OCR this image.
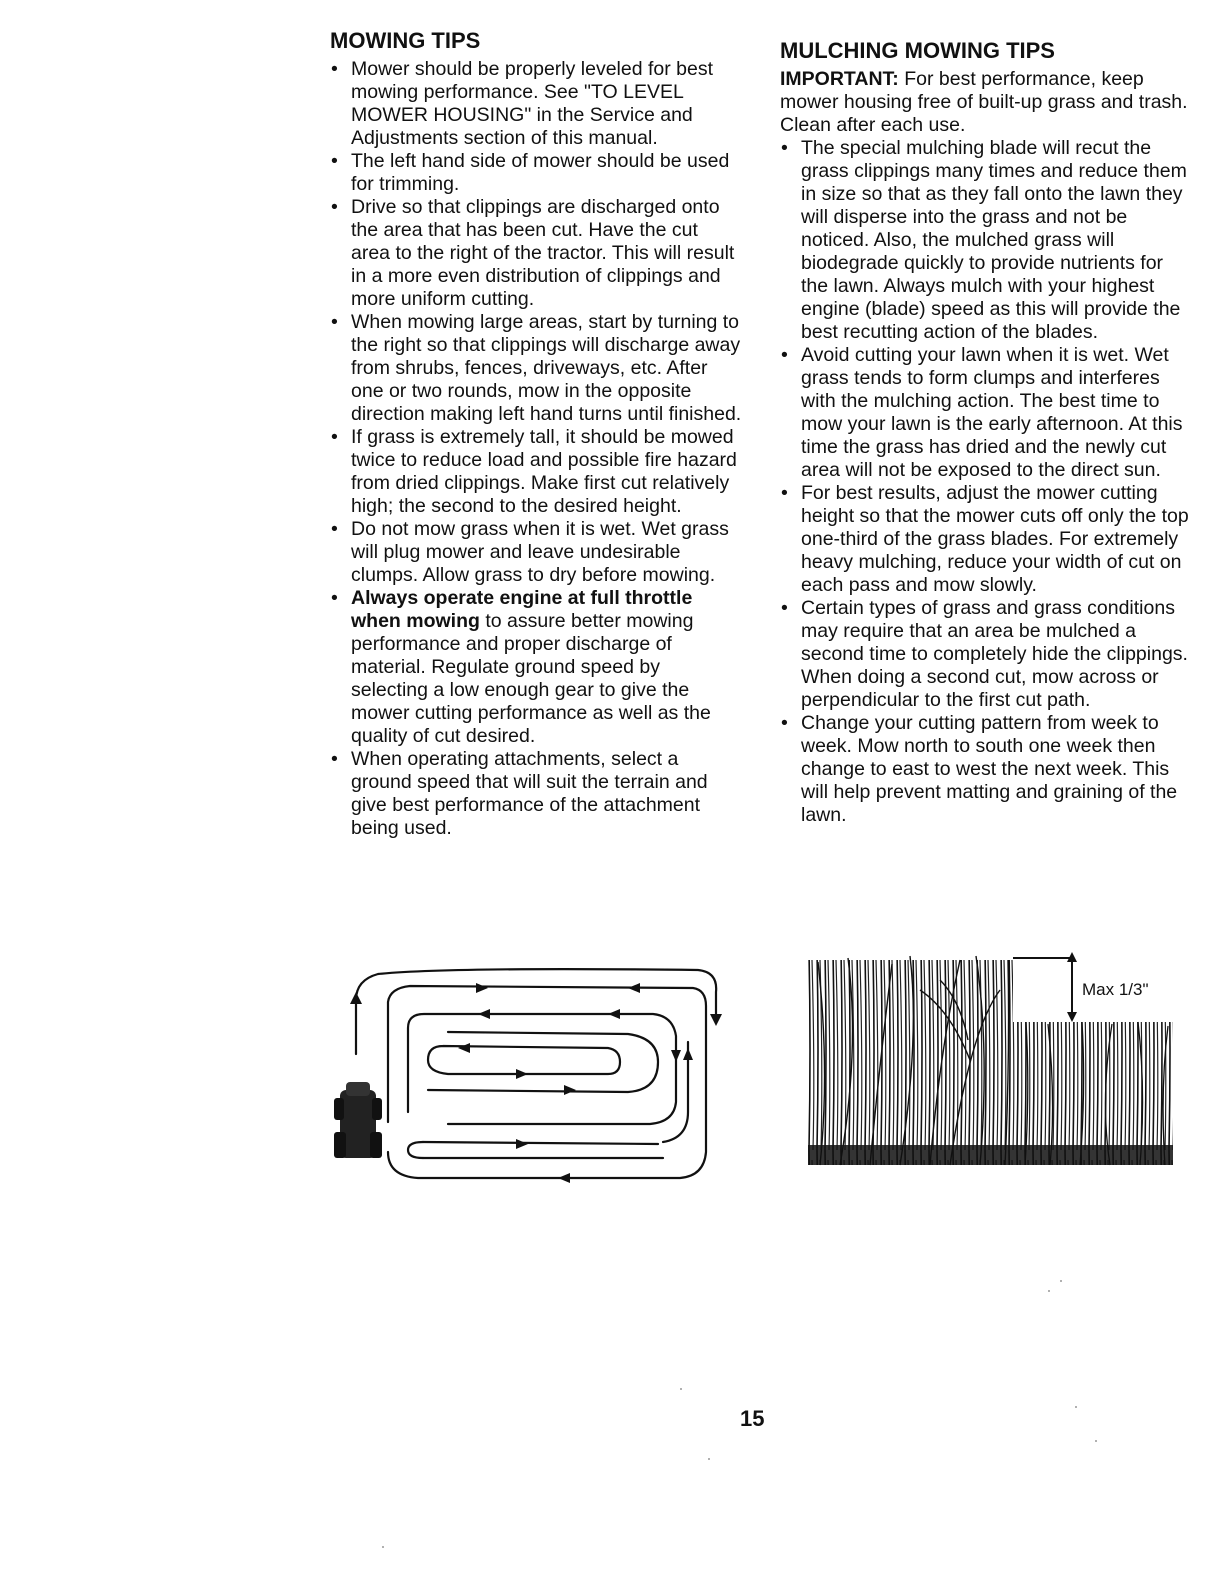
MOWING TIPS
• Mower should be properly leveled for best mowing performance. See "TO LEVEL MOWER HOUSING" in the Service and Adjustments section of this manual.
• The left hand side of mower should be used for trimming.
• Drive so that clippings are discharged onto the area that has been cut. Have the cut area to the right of the tractor. This will result in a more even distribution of clippings and more uniform cutting.
• When mowing large areas, start by turning to the right so that clippings will discharge away from shrubs, fences, driveways, etc. After one or two rounds, mow in the opposite direction making left hand turns until finished.
• If grass is extremely tall, it should be mowed twice to reduce load and possible fire hazard from dried clippings. Make first cut relatively high; the second to the desired height.
• Do not mow grass when it is wet. Wet grass will plug mower and leave undesirable clumps. Allow grass to dry before mowing.
• Always operate engine at full throttle when mowing to assure better mowing performance and proper discharge of material. Regulate ground speed by selecting a low enough gear to give the mower cutting performance as well as the quality of cut desired.
• When operating attachments, select a ground speed that will suit the terrain and give best performance of the attachment being used.
MULCHING MOWING TIPS

IMPORTANT: For best performance, keep mower housing free of built-up grass and trash. Clean after each use.

• The special mulching blade will recut the grass clippings many times and reduce them in size so that as they fall onto the lawn they will disperse into the grass and not be noticed. Also, the mulched grass will biodegrade quickly to provide nutrients for the lawn. Always mulch with your highest engine (blade) speed as this will provide the best recutting action of the blades.
• Avoid cutting your lawn when it is wet. Wet grass tends to form clumps and interferes with the mulching action. The best time to mow your lawn is the early afternoon. At this time the grass has dried and the newly cut area will not be exposed to the direct sun.
• For best results, adjust the mower cutting height so that the mower cuts off only the top one-third of the grass blades. For extremely heavy mulching, reduce your width of cut on each pass and mow slowly.
• Certain types of grass and grass conditions may require that an area be mulched a second time to completely hide the clippings. When doing a second cut, mow across or perpendicular to the first cut path.
• Change your cutting pattern from week to week. Mow north to south one week then change to east to west the next week. This will help prevent matting and graining of the lawn.
Max 1/3"
15
